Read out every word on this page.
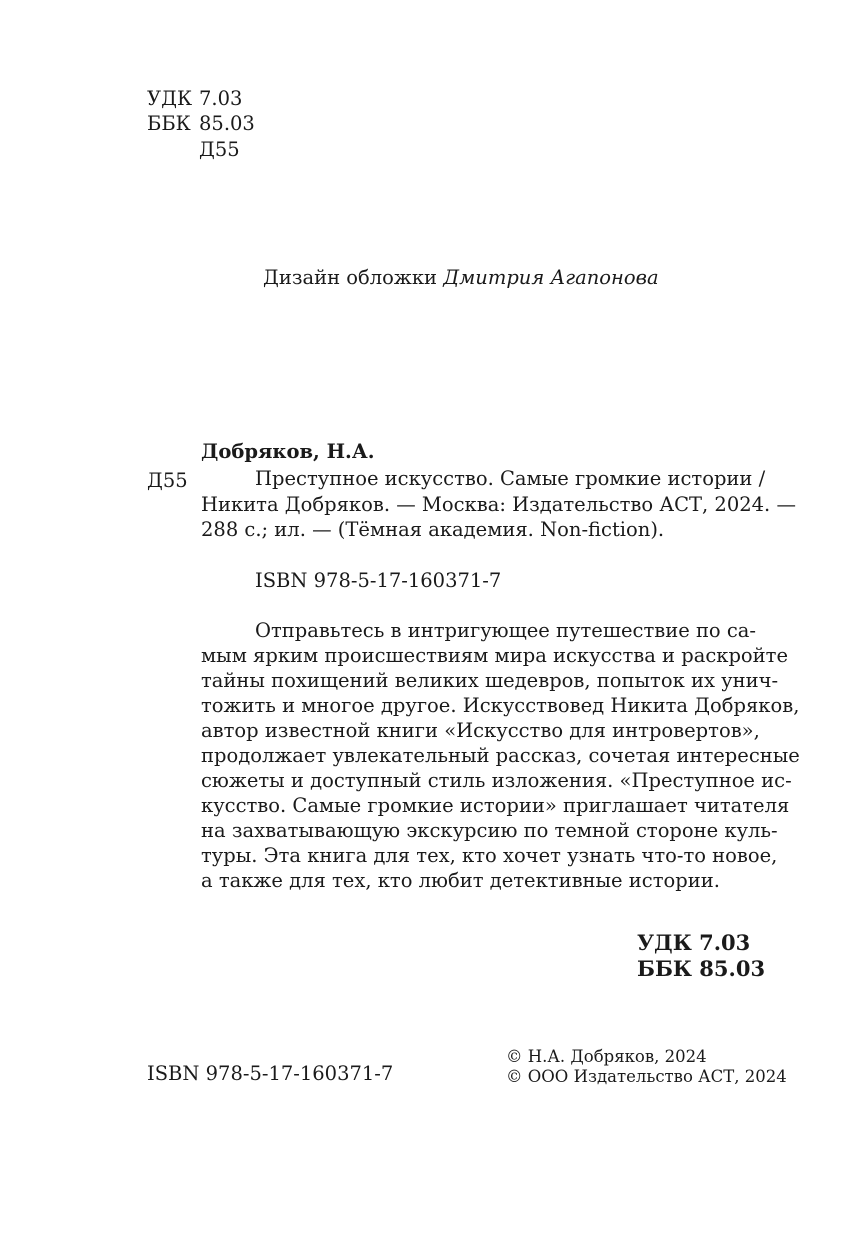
УДК 7.03
ББК 85.03
Д55
Дизайн обложки Дмитрия Агапонова
Добряков, Н.А.
Д55	Преступное искусство. Самые громкие истории /
Никита Добряков. — Москва: Издательство АСТ, 2024. —
288 с.; ил. — (Тёмная академия. Non-fiction).
ISBN 978-5-17-160371-7
Отправьтесь в интригующее путешествие по са-
мым ярким происшествиям мира искусства и раскройте
тайны похищений великих шедевров, попыток их унич-
тожить и многое другое. Искусствовед Никита Добряков,
автор известной книги «Искусство для интровертов»,
продолжает увлекательный рассказ, сочетая интересные
сюжеты и доступный стиль изложения. «Преступное ис-
кусство. Самые громкие истории» приглашает читателя
на захватывающую экскурсию по темной стороне куль-
туры. Эта книга для тех, кто хочет узнать что-то новое,
а также для тех, кто любит детективные истории.
УДК 7.03
ББК 85.03
ISBN 978-5-17-160371-7
© Н.А. Добряков, 2024
© ООО Издательство АСТ, 2024
